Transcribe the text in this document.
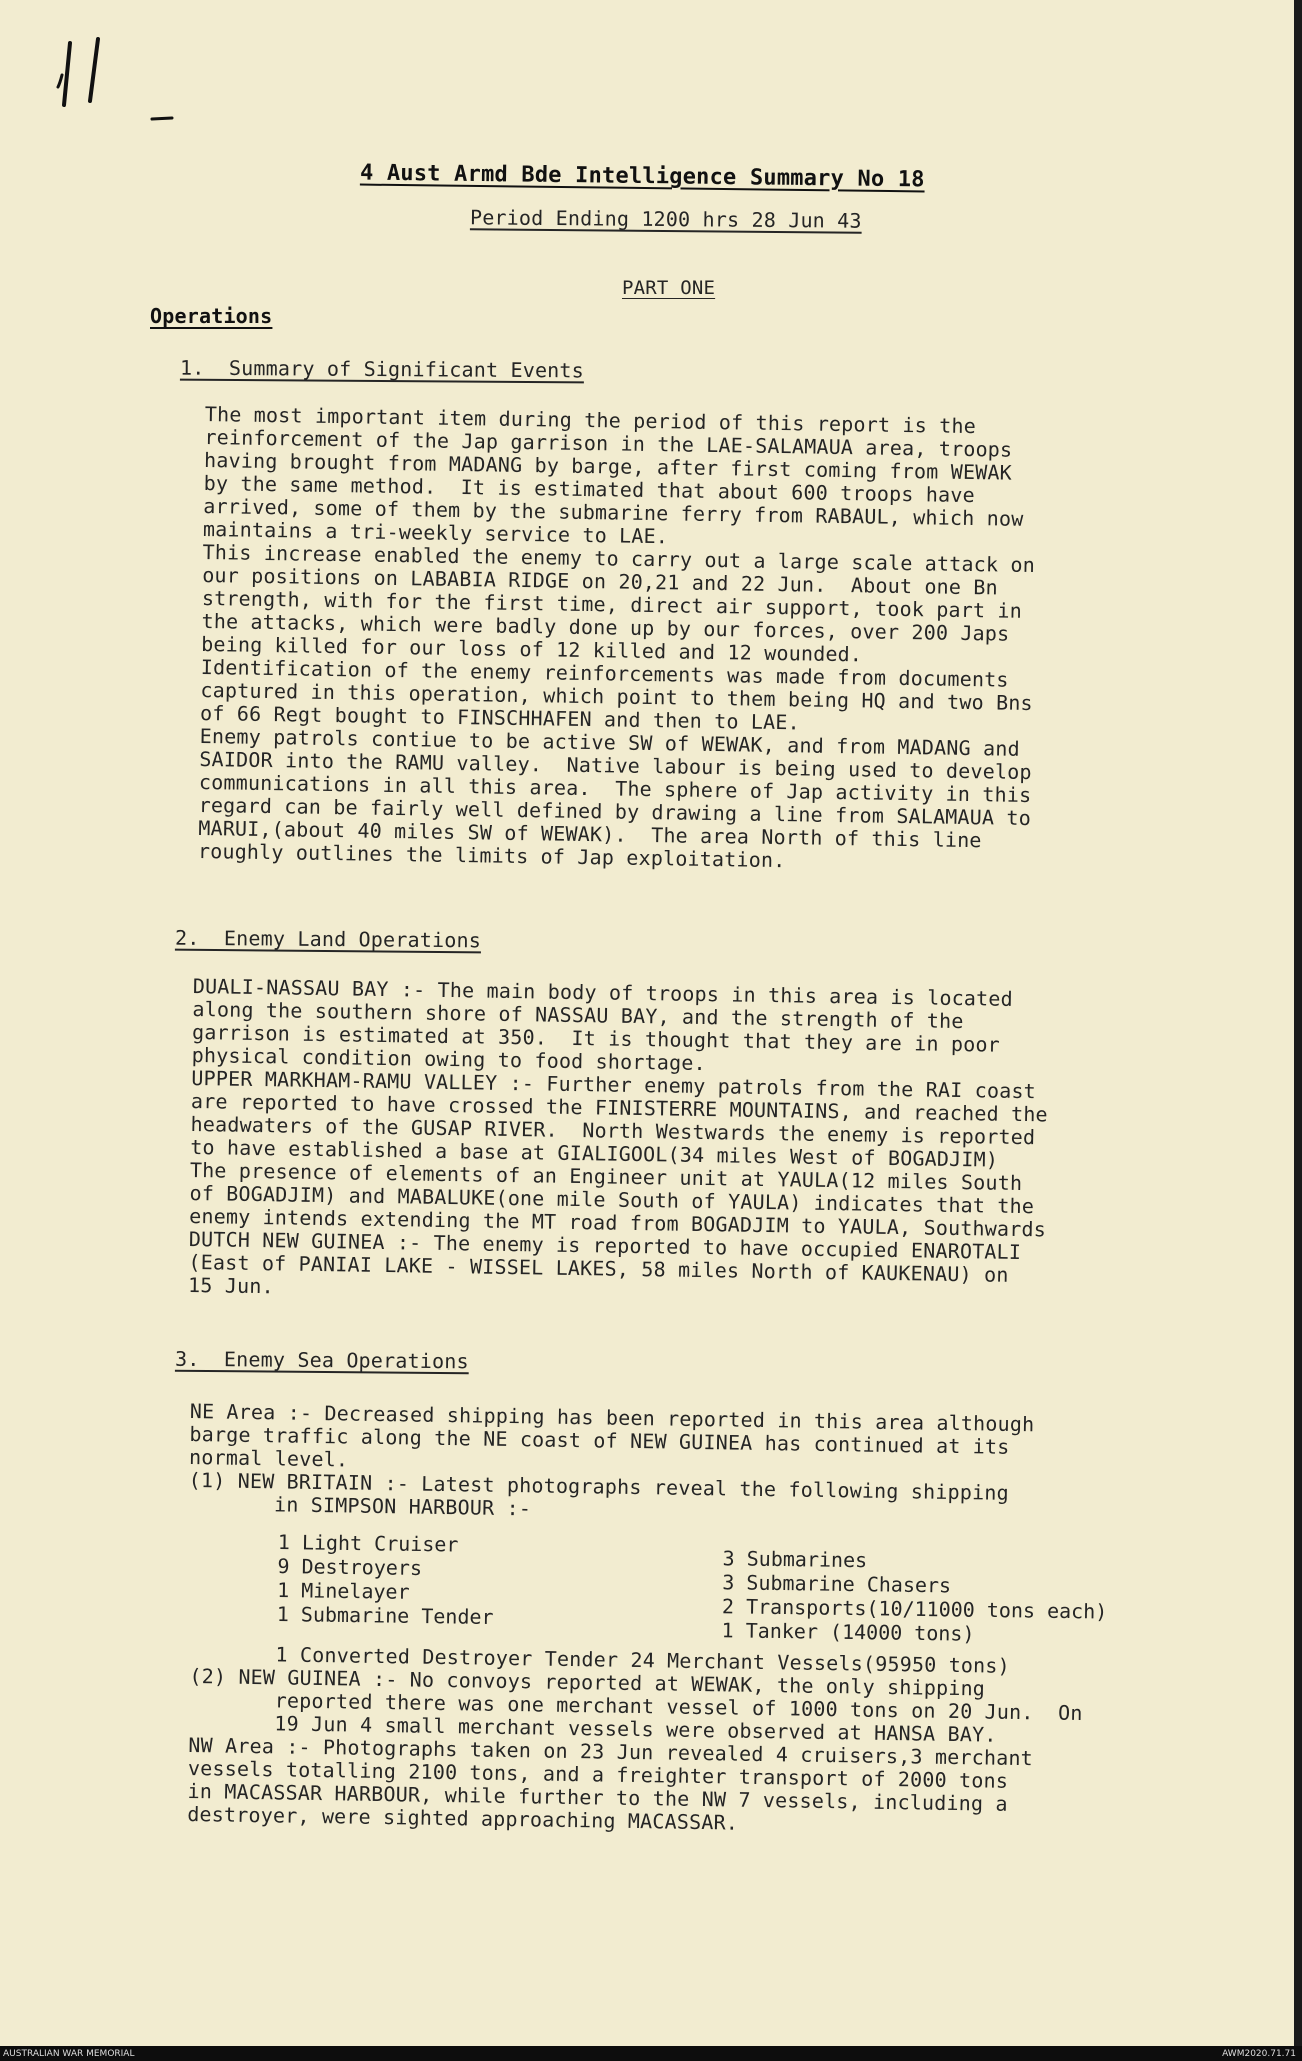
4 Aust Armd Bde Intelligence Summary No 18
Period Ending 1200 hrs 28 Jun 43
PART ONE
Operations
1.  Summary of Significant Events
The most important item during the period of this report is the
reinforcement of the Jap garrison in the LAE-SALAMAUA area, troops
having brought from MADANG by barge, after first coming from WEWAK
by the same method.  It is estimated that about 600 troops have
arrived, some of them by the submarine ferry from RABAUL, which now
maintains a tri-weekly service to LAE.
This increase enabled the enemy to carry out a large scale attack on
our positions on LABABIA RIDGE on 20,21 and 22 Jun.  About one Bn
strength, with for the first time, direct air support, took part in
the attacks, which were badly done up by our forces, over 200 Japs
being killed for our loss of 12 killed and 12 wounded.
Identification of the enemy reinforcements was made from documents
captured in this operation, which point to them being HQ and two Bns
of 66 Regt bought to FINSCHHAFEN and then to LAE.
Enemy patrols contiue to be active SW of WEWAK, and from MADANG and
SAIDOR into the RAMU valley.  Native labour is being used to develop
communications in all this area.  The sphere of Jap activity in this
regard can be fairly well defined by drawing a line from SALAMAUA to
MARUI,(about 40 miles SW of WEWAK).  The area North of this line
roughly outlines the limits of Jap exploitation.
2.  Enemy Land Operations
DUALI-NASSAU BAY :- The main body of troops in this area is located
along the southern shore of NASSAU BAY, and the strength of the
garrison is estimated at 350.  It is thought that they are in poor
physical condition owing to food shortage.
UPPER MARKHAM-RAMU VALLEY :- Further enemy patrols from the RAI coast
are reported to have crossed the FINISTERRE MOUNTAINS, and reached the
headwaters of the GUSAP RIVER.  North Westwards the enemy is reported
to have established a base at GIALIGOOL(34 miles West of BOGADJIM)
The presence of elements of an Engineer unit at YAULA(12 miles South
of BOGADJIM) and MABALUKE(one mile South of YAULA) indicates that the
enemy intends extending the MT road from BOGADJIM to YAULA, Southwards
DUTCH NEW GUINEA :- The enemy is reported to have occupied ENAROTALI
(East of PANIAI LAKE - WISSEL LAKES, 58 miles North of KAUKENAU) on
15 Jun.
3.  Enemy Sea Operations
NE Area :- Decreased shipping has been reported in this area although
barge traffic along the NE coast of NEW GUINEA has continued at its
normal level.
(1) NEW BRITAIN :- Latest photographs reveal the following shipping
in SIMPSON HARBOUR :-
1 Light Cruiser
9 Destroyers
1 Minelayer
1 Submarine Tender
3 Submarines
3 Submarine Chasers
2 Transports(10/11000 tons each)
1 Tanker (14000 tons)
1 Converted Destroyer Tender 24 Merchant Vessels(95950 tons)
(2) NEW GUINEA :- No convoys reported at WEWAK, the only shipping
reported there was one merchant vessel of 1000 tons on 20 Jun.  On
19 Jun 4 small merchant vessels were observed at HANSA BAY.
NW Area :- Photographs taken on 23 Jun revealed 4 cruisers,3 merchant
vessels totalling 2100 tons, and a freighter transport of 2000 tons
in MACASSAR HARBOUR, while further to the NW 7 vessels, including a
destroyer, were sighted approaching MACASSAR.
AUSTRALIAN WAR MEMORIAL	AWM2020.71.71
